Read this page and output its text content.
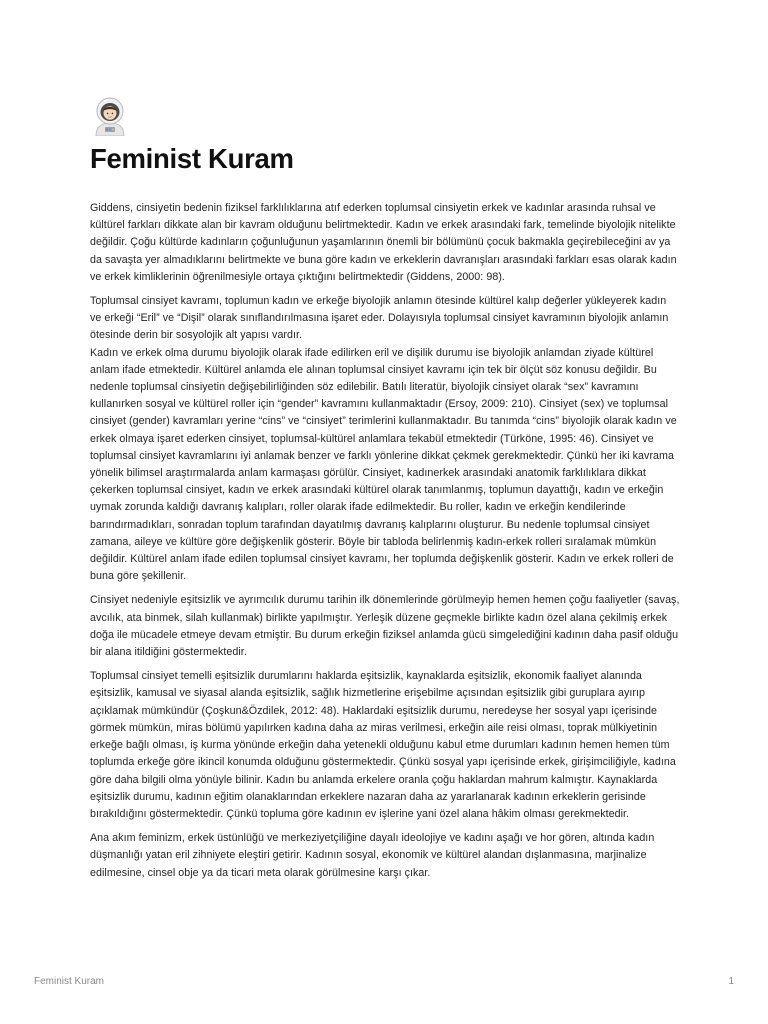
Feminist Kuram

Giddens, cinsiyetin bedenin fiziksel farklılıklarına atıf ederken toplumsal cinsiyetin erkek ve kadınlar arasında ruhsal ve kültürel farkları dikkate alan bir kavram olduğunu belirtmektedir. Kadın ve erkek arasındaki fark, temelinde biyolojik nitelikte değildir. Çoğu kültürde kadınların çoğunluğunun yaşamlarının önemli bir bölümünü çocuk bakmakla geçirebileceğini av ya da savaşta yer almadıklarını belirtmekte ve buna göre kadın ve erkeklerin davranışları arasındaki farkları esas olarak kadın ve erkek kimliklerinin öğrenilmesiyle ortaya çıktığını belirtmektedir (Giddens, 2000: 98).

Toplumsal cinsiyet kavramı, toplumun kadın ve erkeğe biyolojik anlamın ötesinde kültürel kalıp değerler yükleyerek kadın ve erkeği “Eril” ve “Dişil” olarak sınıflandırılmasına işaret eder. Dolayısıyla toplumsal cinsiyet kavramının biyolojik anlamın ötesinde derin bir sosyolojik alt yapısı vardır.

Kadın ve erkek olma durumu biyolojik olarak ifade edilirken eril ve dişilik durumu ise biyolojik anlamdan ziyade kültürel anlam ifade etmektedir. Kültürel anlamda ele alınan toplumsal cinsiyet kavramı için tek bir ölçüt söz konusu değildir. Bu nedenle toplumsal cinsiyetin değişebilirliğinden söz edilebilir. Batılı literatür, biyolojik cinsiyet olarak “sex” kavramını kullanırken sosyal ve kültürel roller için “gender” kavramını kullanmaktadır (Ersoy, 2009: 210). Cinsiyet (sex) ve toplumsal cinsiyet (gender) kavramları yerine “cins” ve “cinsiyet” terimlerini kullanmaktadır. Bu tanımda “cins” biyolojik olarak kadın ve erkek olmaya işaret ederken cinsiyet, toplumsal-kültürel anlamlara tekabül etmektedir (Türköne, 1995: 46). Cinsiyet ve toplumsal cinsiyet kavramlarını iyi anlamak benzer ve farklı yönlerine dikkat çekmek gerekmektedir. Çünkü her iki kavrama yönelik bilimsel araştırmalarda anlam karmaşası görülür. Cinsiyet, kadınerkek arasındaki anatomik farklılıklara dikkat çekerken toplumsal cinsiyet, kadın ve erkek arasındaki kültürel olarak tanımlanmış, toplumun dayattığı, kadın ve erkeğin uymak zorunda kaldığı davranış kalıpları, roller olarak ifade edilmektedir. Bu roller, kadın ve erkeğin kendilerinde barındırmadıkları, sonradan toplum tarafından dayatılmış davranış kalıplarını oluşturur. Bu nedenle toplumsal cinsiyet zamana, aileye ve kültüre göre değişkenlik gösterir. Böyle bir tabloda belirlenmiş kadın-erkek rolleri sıralamak mümkün değildir. Kültürel anlam ifade edilen toplumsal cinsiyet kavramı, her toplumda değişkenlik gösterir. Kadın ve erkek rolleri de buna göre şekillenir.

Cinsiyet nedeniyle eşitsizlik ve ayrımcılık durumu tarihin ilk dönemlerinde görülmeyip hemen hemen çoğu faaliyetler (savaş, avcılık, ata binmek, silah kullanmak) birlikte yapılmıştır. Yerleşik düzene geçmekle birlikte kadın özel alana çekilmiş erkek doğa ile mücadele etmeye devam etmiştir. Bu durum erkeğin fiziksel anlamda gücü simgelediğini kadının daha pasif olduğu bir alana itildiğini göstermektedir.

Toplumsal cinsiyet temelli eşitsizlik durumlarını haklarda eşitsizlik, kaynaklarda eşitsizlik, ekonomik faaliyet alanında eşitsizlik, kamusal ve siyasal alanda eşitsizlik, sağlık hizmetlerine erişebilme açısından eşitsizlik gibi guruplara ayırıp açıklamak mümkündür (Çoşkun&Özdilek, 2012: 48). Haklardaki eşitsizlik durumu, neredeyse her sosyal yapı içerisinde görmek mümkün, miras bölümü yapılırken kadına daha az miras verilmesi, erkeğin aile reisi olması, toprak mülkiyetinin erkeğe bağlı olması, iş kurma yönünde erkeğin daha yetenekli olduğunu kabul etme durumları kadının hemen hemen tüm toplumda erkeğe göre ikincil konumda olduğunu göstermektedir. Çünkü sosyal yapı içerisinde erkek, girişimciliğiyle, kadına göre daha bilgili olma yönüyle bilinir. Kadın bu anlamda erkelere oranla çoğu haklardan mahrum kalmıştır. Kaynaklarda eşitsizlik durumu, kadının eğitim olanaklarından erkeklere nazaran daha az yararlanarak kadının erkeklerin gerisinde bırakıldığını göstermektedir. Çünkü topluma göre kadının ev işlerine yani özel alana hâkim olması gerekmektedir.

Ana akım feminizm, erkek üstünlüğü ve merkeziyetçiliğine dayalı ideolojiye ve kadını aşağı ve hor gören, altında kadın düşmanlığı yatan eril zihniyete eleştiri getirir. Kadının sosyal, ekonomik ve kültürel alandan dışlanmasına, marjinalize edilmesine, cinsel obje ya da ticari meta olarak görülmesine karşı çıkar.

Feminist Kuram	1
